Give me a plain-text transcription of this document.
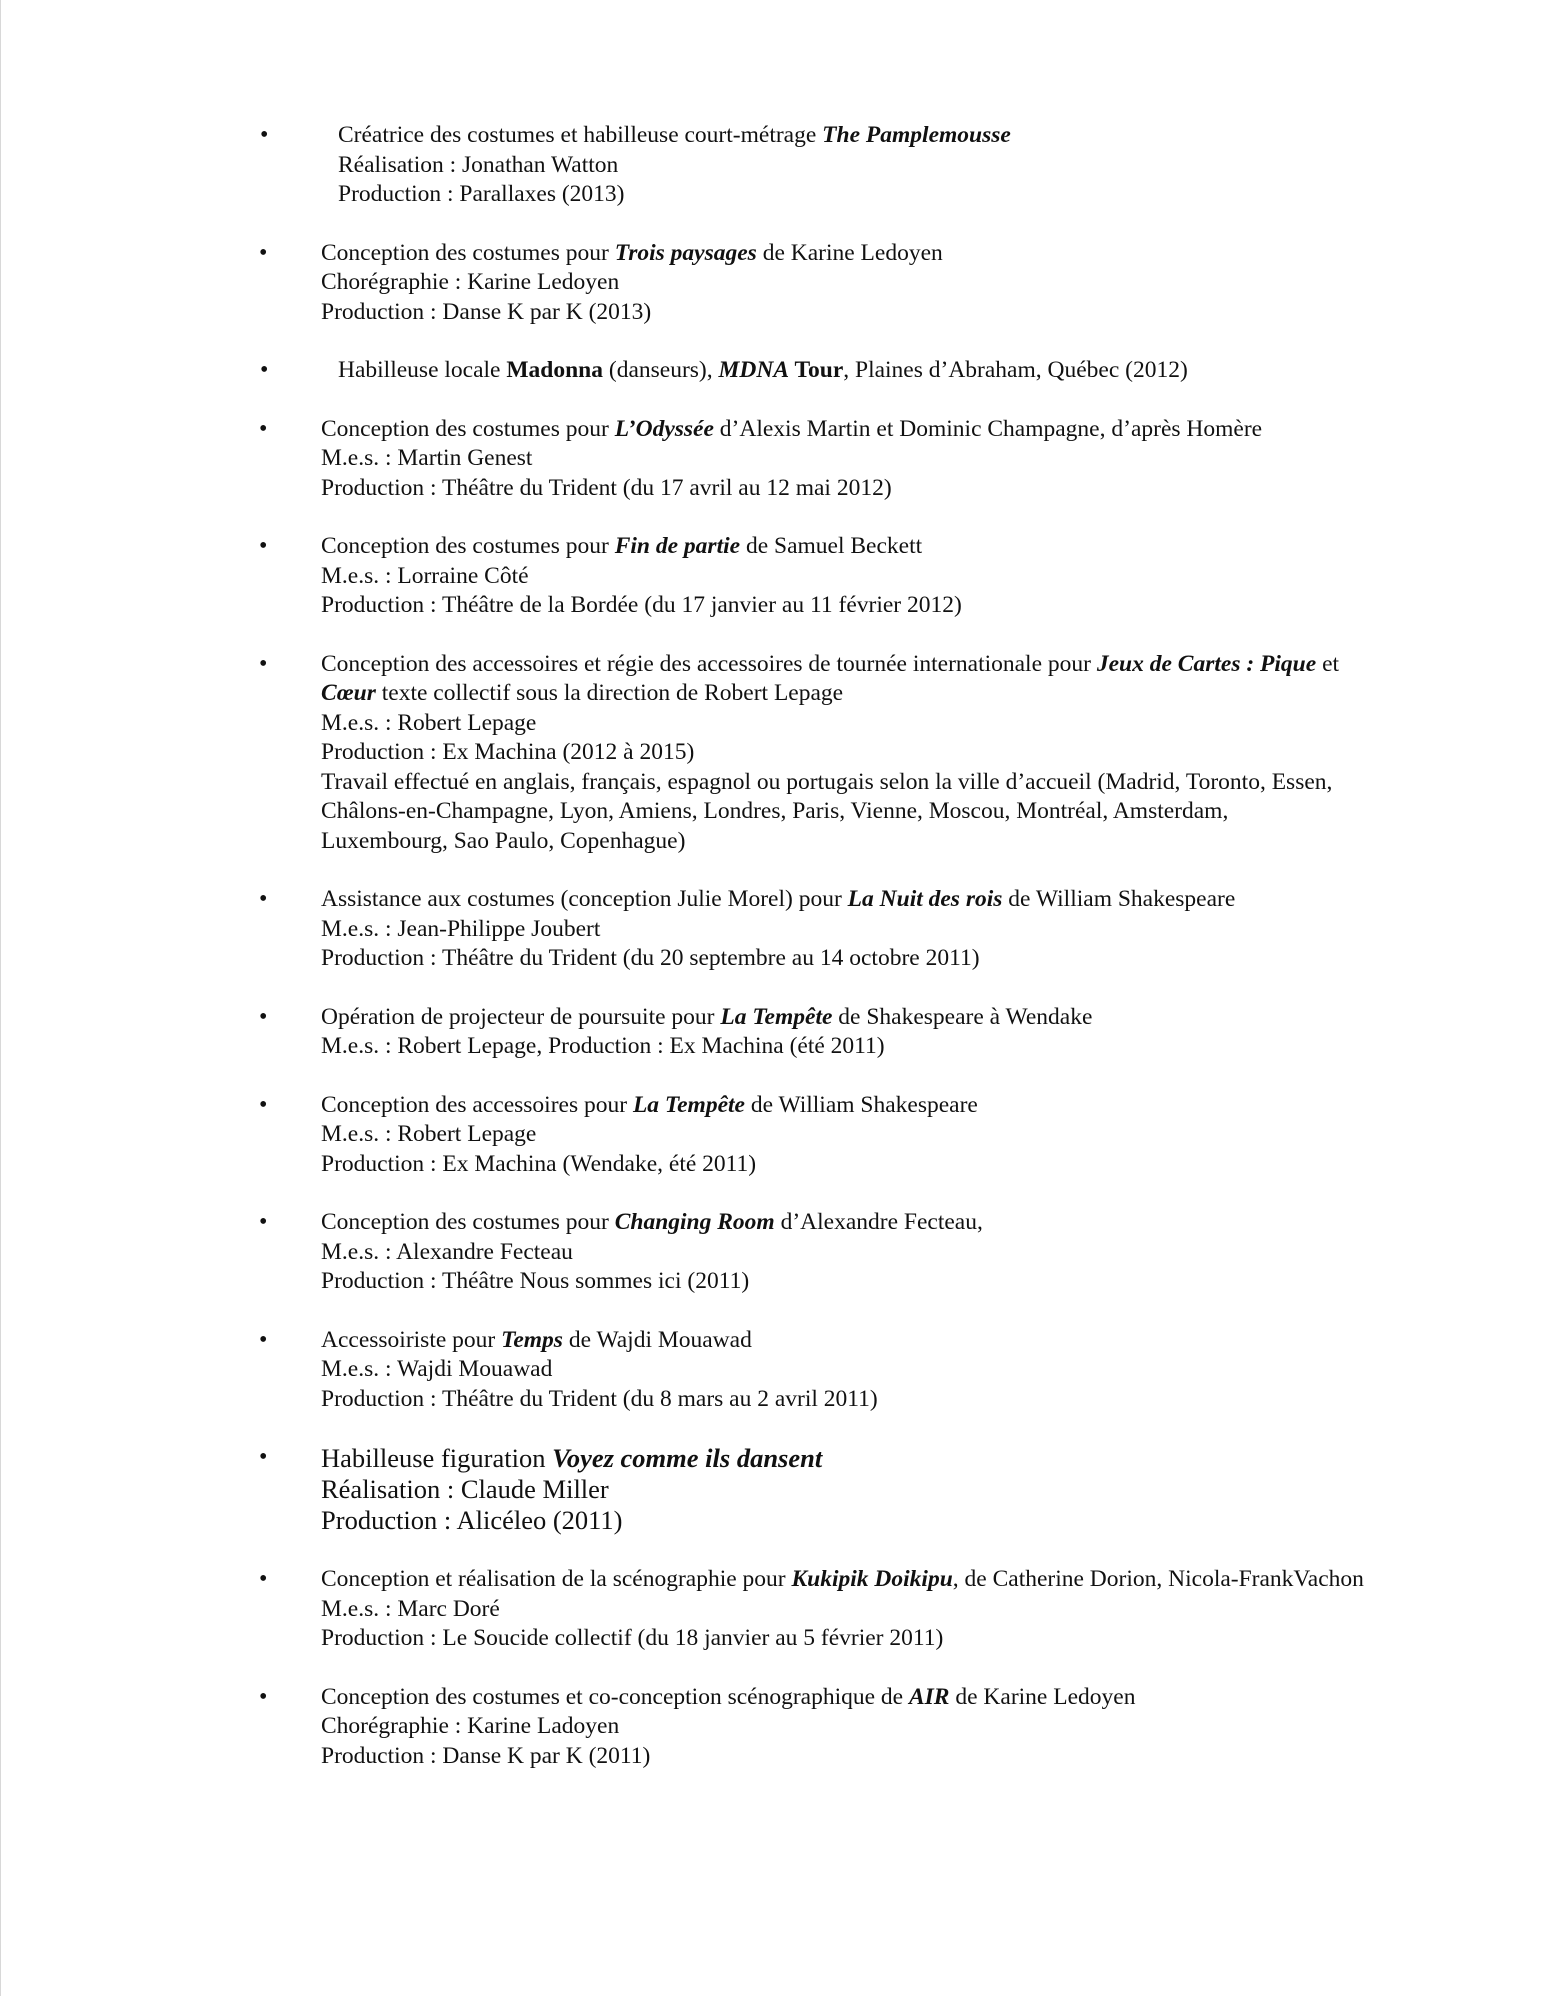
•	Créatrice des costumes et habilleuse court-métrage The Pamplemousse
Réalisation : Jonathan Watton
Production : Parallaxes (2013)
• Conception des costumes pour Trois paysages de Karine Ledoyen
Chorégraphie : Karine Ledoyen
Production : Danse K par K (2013)
•	Habilleuse locale Madonna (danseurs), MDNA Tour, Plaines d’Abraham, Québec (2012)
• Conception des costumes pour L’Odyssée d’Alexis Martin et Dominic Champagne, d’après Homère
M.e.s. : Martin Genest
Production : Théâtre du Trident (du 17 avril au 12 mai 2012)
• Conception des costumes pour Fin de partie de Samuel Beckett
M.e.s. : Lorraine Côté
Production : Théâtre de la Bordée (du 17 janvier au 11 février 2012)
• Conception des accessoires et régie des accessoires de tournée internationale pour Jeux de Cartes : Pique et
Cœur texte collectif sous la direction de Robert Lepage
M.e.s. : Robert Lepage
Production : Ex Machina (2012 à 2015)
Travail effectué en anglais, français, espagnol ou portugais selon la ville d’accueil (Madrid, Toronto, Essen,
Châlons-en-Champagne, Lyon, Amiens, Londres, Paris, Vienne, Moscou, Montréal, Amsterdam,
Luxembourg, Sao Paulo, Copenhague)
• Assistance aux costumes (conception Julie Morel) pour La Nuit des rois de William Shakespeare
M.e.s. : Jean-Philippe Joubert
Production : Théâtre du Trident (du 20 septembre au 14 octobre 2011)
• Opération de projecteur de poursuite pour La Tempête de Shakespeare à Wendake
M.e.s. : Robert Lepage, Production : Ex Machina (été 2011)
• Conception des accessoires pour La Tempête de William Shakespeare
M.e.s. : Robert Lepage
Production : Ex Machina (Wendake, été 2011)
• Conception des costumes pour Changing Room d’Alexandre Fecteau,
M.e.s. : Alexandre Fecteau
Production : Théâtre Nous sommes ici (2011)
• Accessoiriste pour Temps de Wajdi Mouawad
M.e.s. : Wajdi Mouawad
Production : Théâtre du Trident (du 8 mars au 2 avril 2011)
• Habilleuse figuration Voyez comme ils dansent
Réalisation : Claude Miller
Production : Alicéleo (2011)
• Conception et réalisation de la scénographie pour Kukipik Doikipu, de Catherine Dorion, Nicola-FrankVachon
M.e.s. : Marc Doré
Production : Le Soucide collectif (du 18 janvier au 5 février 2011)
• Conception des costumes et co-conception scénographique de AIR de Karine Ledoyen
Chorégraphie : Karine Ladoyen
Production : Danse K par K (2011)
